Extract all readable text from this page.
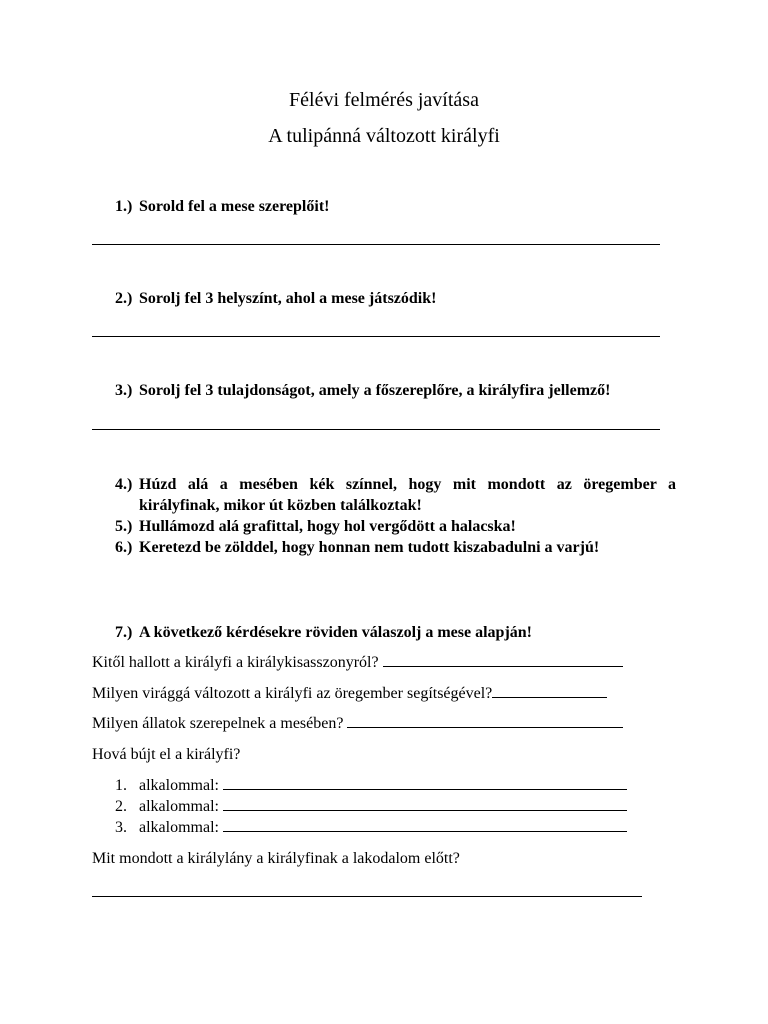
Félévi felmérés javítása
A tulipánná változott királyfi
1.) Sorold fel a mese szereplőit!
2.) Sorolj fel 3 helyszínt, ahol a mese játszódik!
3.) Sorolj fel 3 tulajdonságot, amely a főszereplőre, a királyfira jellemző!
4.) Húzd alá a mesében kék színnel, hogy mit mondott az öregember a
királyfinak, mikor út közben találkoztak!
5.) Hullámozd alá grafittal, hogy hol vergődött a halacska!
6.) Keretezd be zölddel, hogy honnan nem tudott kiszabadulni a varjú!
7.) A következő kérdésekre röviden válaszolj a mese alapján!
Kitől hallott a királyfi a királykisasszonyról?
Milyen virággá változott a királyfi az öregember segítségével?
Milyen állatok szerepelnek a mesében?
Hová bújt el a királyfi?
1. alkalommal:
2. alkalommal:
3. alkalommal:
Mit mondott a királylány a királyfinak a lakodalom előtt?
